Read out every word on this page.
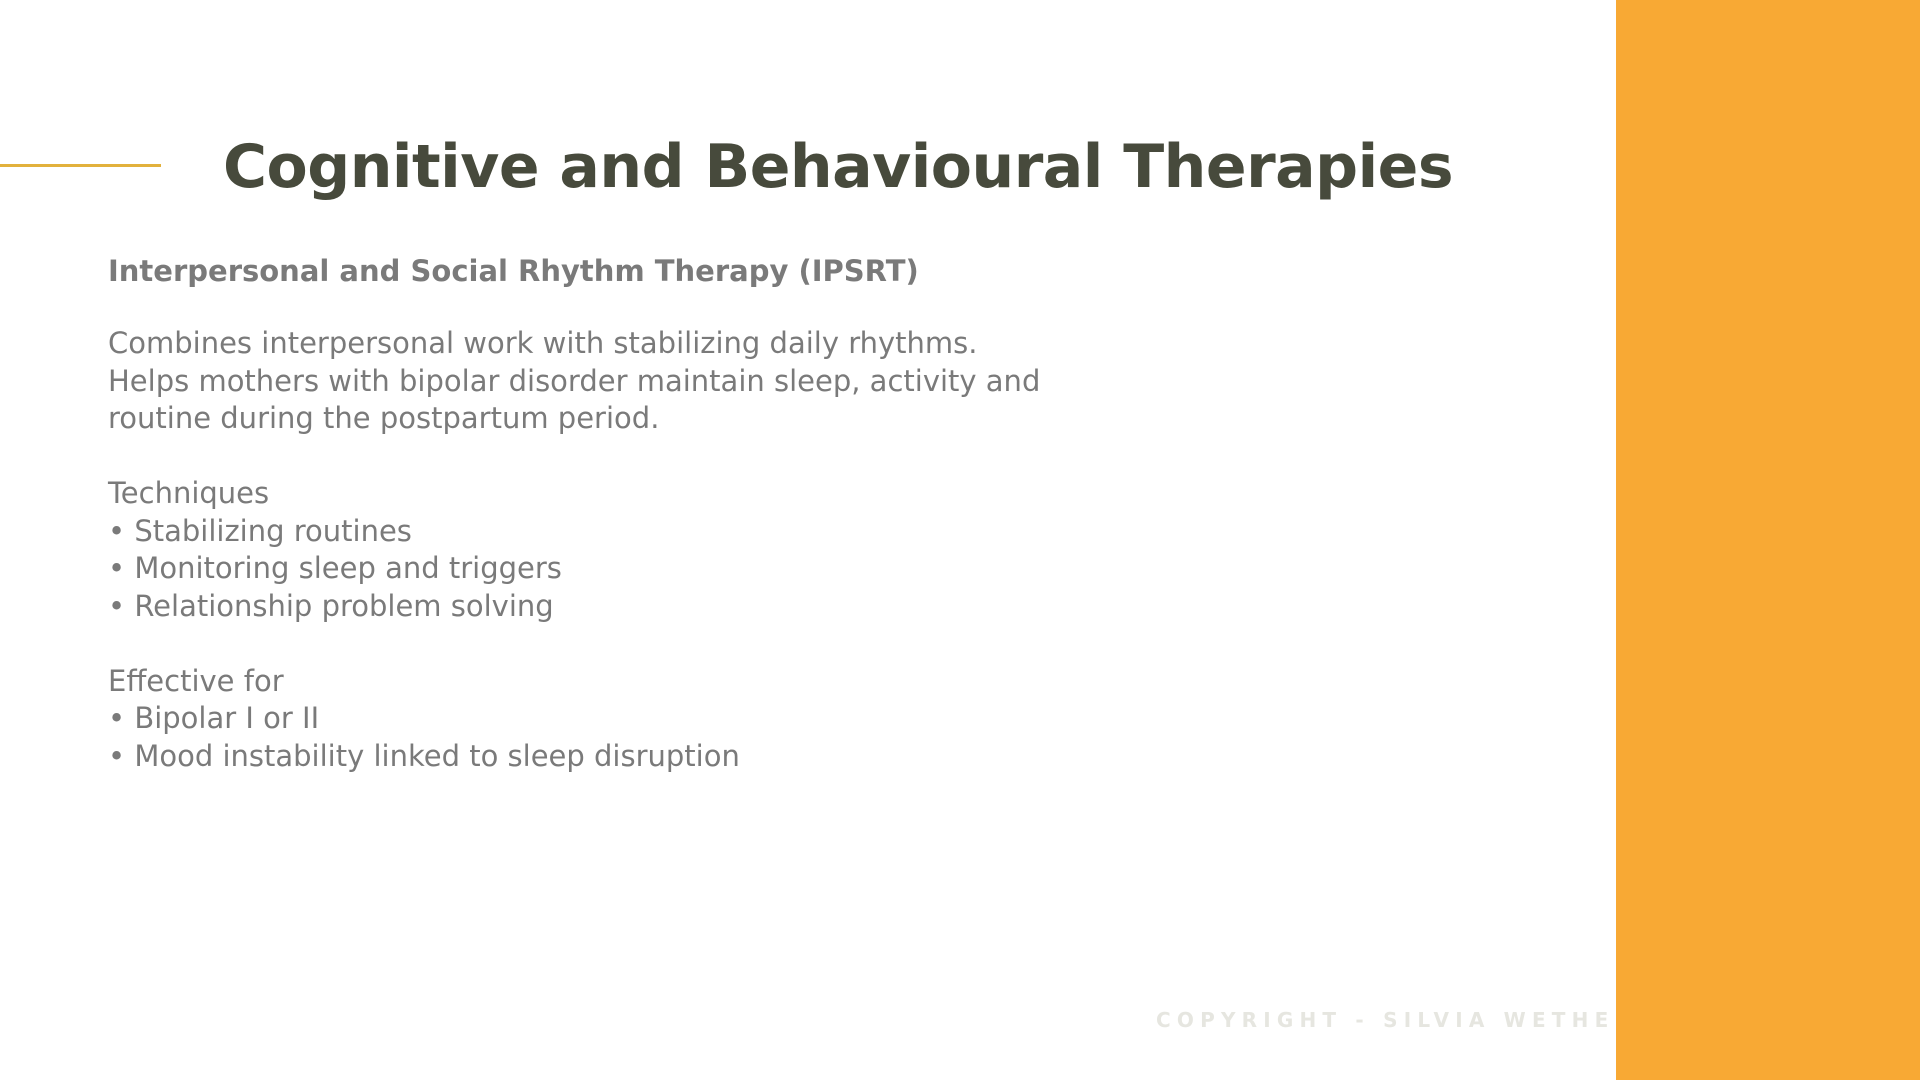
Cognitive and Behavioural Therapies
Interpersonal and Social Rhythm Therapy (IPSRT)

Combines interpersonal work with stabilizing daily rhythms.

Helps mothers with bipolar disorder maintain sleep, activity and

routine during the postpartum period.

Techniques

• Stabilizing routines

• Monitoring sleep and triggers

• Relationship problem solving

Effective for

• Bipolar I or II

• Mood instability linked to sleep disruption

COPYRIGHT - SILVIA WETHE
